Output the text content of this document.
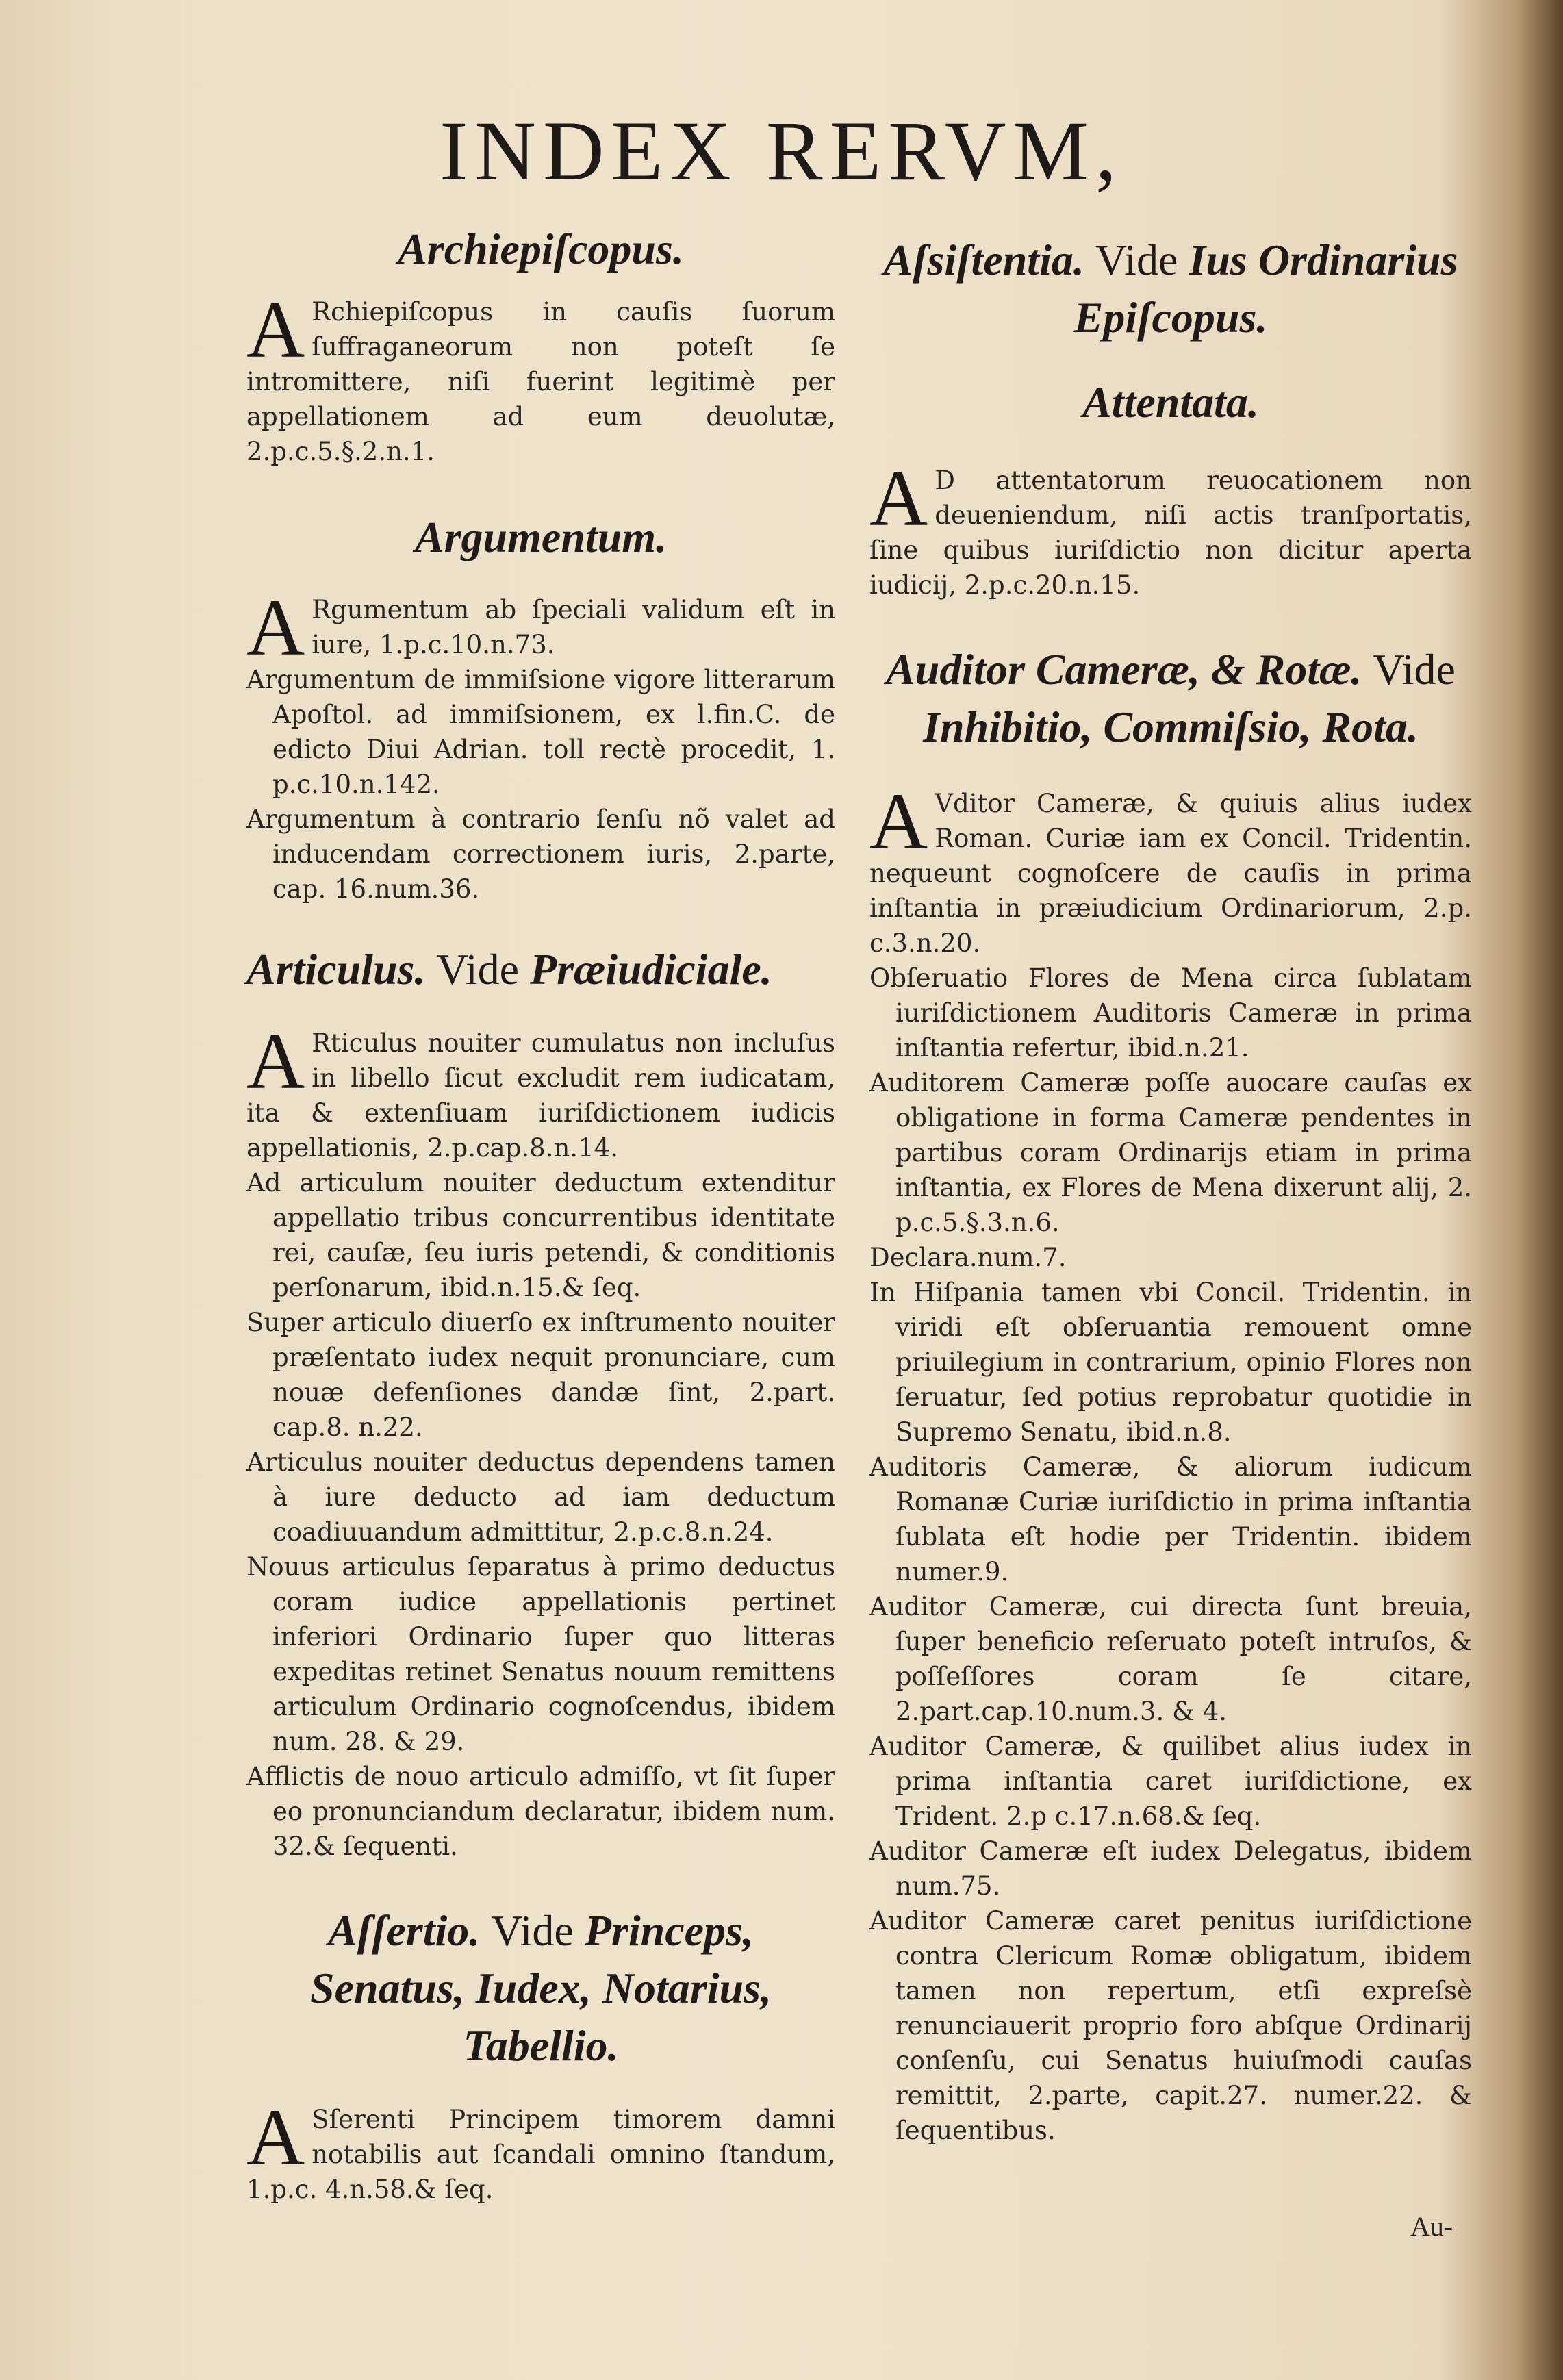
INDEX RERVM,
Archiepiſcopus.

A Rchiepiſcopus in cauſis ſuorum ſuffraganeorum non poteſt ſe intromittere, niſi fuerint legitimè per appellationem ad eum deuolutæ, 2.p.c.5.§.2.n.1.

Argumentum.

A Rgumentum ab ſpeciali validum eſt in iure, 1.p.c.10.n.73.

Argumentum de immiſsione vigore litterarum Apoſtol. ad immiſsionem, ex l.fin.C. de edicto Diui Adrian. toll rectè procedit, 1. p.c.10.n.142.

Argumentum à contrario ſenſu nõ valet ad inducendam correctionem iuris, 2.parte, cap. 16.num.36.

Articulus. Vide Præiudiciale.

A Rticulus nouiter cumulatus non incluſus in libello ſicut excludit rem iudicatam, ita & extenſiuam iuriſdictionem iudicis appellationis, 2.p.cap.8.n.14.

Ad articulum nouiter deductum extenditur appellatio tribus concurrentibus identitate rei, cauſæ, ſeu iuris petendi, & conditionis perſonarum, ibid.n.15.& ſeq.

Super articulo diuerſo ex inſtrumento nouiter præſentato iudex nequit pronunciare, cum nouæ defenſiones dandæ ſint, 2.part. cap.8. n.22.

Articulus nouiter deductus dependens tamen à iure deducto ad iam deductum coadiuuandum admittitur, 2.p.c.8.n.24.

Nouus articulus ſeparatus à primo deductus coram iudice appellationis pertinet inferiori Ordinario ſuper quo litteras expeditas retinet Senatus nouum remittens articulum Ordinario cognoſcendus, ibidem num. 28. & 29.

Afflictis de nouo articulo admiſſo, vt ſit ſuper eo pronunciandum declaratur, ibidem num. 32.& ſequenti.

Aſſertio. Vide Princeps, Senatus, Iudex, Notarius, Tabellio.

A Sſerenti Principem timorem damni notabilis aut ſcandali omnino ſtandum, 1.p.c. 4.n.58.& ſeq.

Aſsiſtentia. Vide Ius Ordinarius Epiſcopus.
Attentata.

A D attentatorum reuocationem non deueniendum, niſi actis tranſportatis, ſine quibus iuriſdictio non dicitur aperta iudicij, 2.p.c.20.n.15.

Auditor Cameræ, & Rotæ. Vide Inhibitio, Commiſsio, Rota.

A Vditor Cameræ, & quiuis alius iudex Roman. Curiæ iam ex Concil. Tridentin. nequeunt cognoſcere de cauſis in prima inſtantia in præiudicium Ordinariorum, 2.p. c.3.n.20.

Obſeruatio Flores de Mena circa ſublatam iuriſdictionem Auditoris Cameræ in prima inſtantia refertur, ibid.n.21.

Auditorem Cameræ poſſe auocare cauſas ex obligatione in forma Cameræ pendentes in partibus coram Ordinarijs etiam in prima inſtantia, ex Flores de Mena dixerunt alij, 2. p.c.5.§.3.n.6.

Declara.num.7.

In Hiſpania tamen vbi Concil. Tridentin. in viridi eſt obſeruantia remouent omne priuilegium in contrarium, opinio Flores non ſeruatur, ſed potius reprobatur quotidie in Supremo Senatu, ibid.n.8.

Auditoris Cameræ, & aliorum iudicum Romanæ Curiæ iuriſdictio in prima inſtantia ſublata eſt hodie per Tridentin. ibidem numer.9.

Auditor Cameræ, cui directa ſunt breuia, ſuper beneficio reſeruato poteſt intruſos, & poſſeſſores coram ſe citare, 2.part.cap.10.num.3. & 4.

Auditor Cameræ, & quilibet alius iudex in prima inſtantia caret iuriſdictione, ex Trident. 2.p c.17.n.68.& ſeq.

Auditor Cameræ eſt iudex Delegatus, ibidem num.75.

Auditor Cameræ caret penitus iuriſdictione contra Clericum Romæ obligatum, ibidem tamen non repertum, etſi expreſsè renunciauerit proprio foro abſque Ordinarij conſenſu, cui Senatus huiuſmodi cauſas remittit, 2.parte, capit.27. numer.22. & ſequentibus.

Au-
